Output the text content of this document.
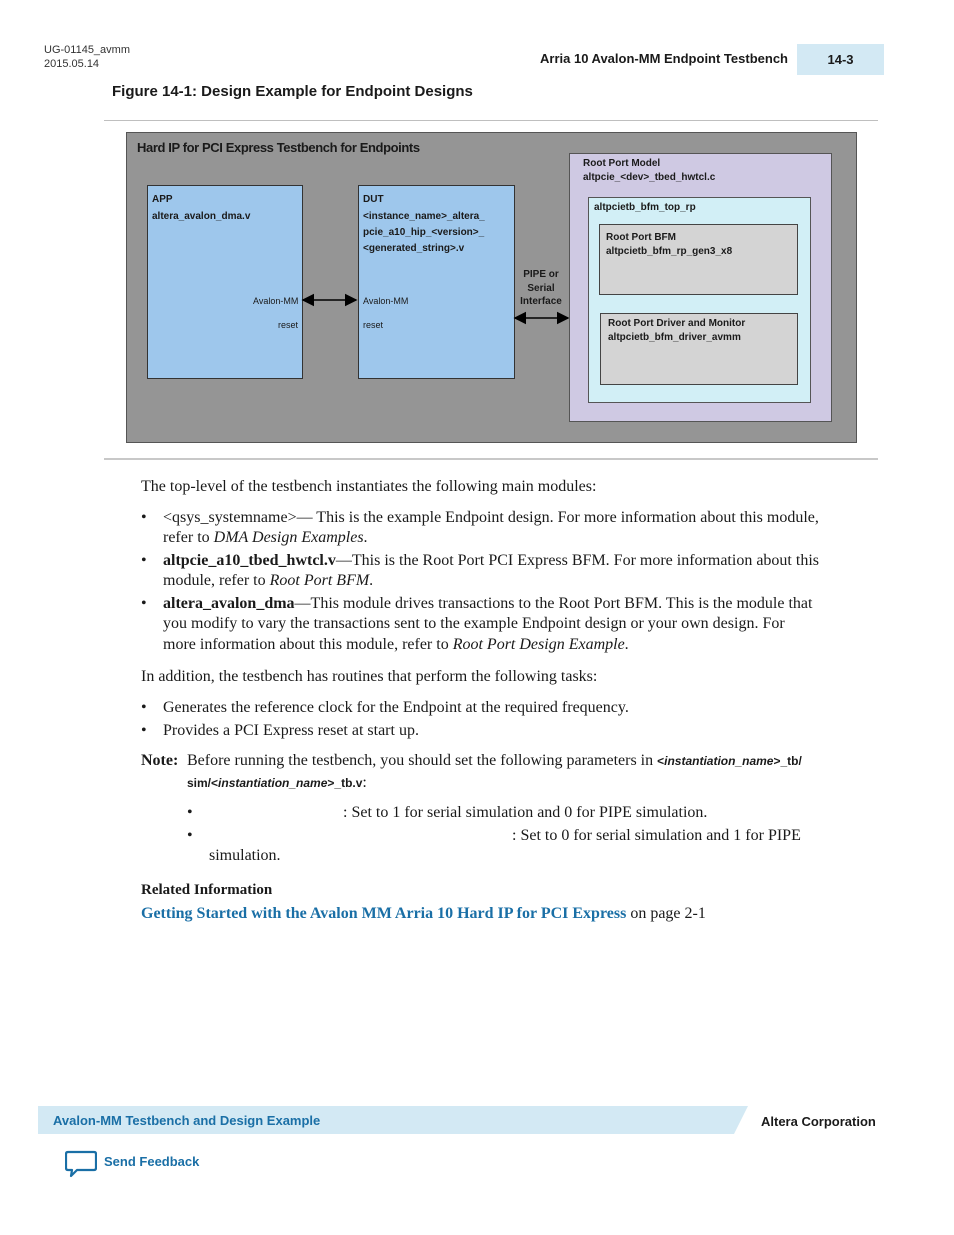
UG-01145_avmm
2015.05.14	Arria 10 Avalon-MM Endpoint Testbench	14-3
Figure 14-1: Design Example for Endpoint Designs
Hard IP for PCI Express Testbench for Endpoints
APP
altera_avalon_dma.v
Avalon-MM
reset
DUT
<instance_name>_altera_
pcie_a10_hip_<version>_
<generated_string>.v
Avalon-MM
reset
PIPE or
Serial
Interface
Root Port Model
altpcie_<dev>_tbed_hwtcl.c
altpcietb_bfm_top_rp
Root Port BFM
altpcietb_bfm_rp_gen3_x8
Root Port Driver and Monitor
altpcietb_bfm_driver_avmm
The top-level of the testbench instantiates the following main modules:
• <qsys_systemname>— This is the example Endpoint design. For more information about this module,
refer to DMA Design Examples.
• altpcie_a10_tbed_hwtcl.v—This is the Root Port PCI Express BFM. For more information about this
module, refer to Root Port BFM.
• altera_avalon_dma—This module drives transactions to the Root Port BFM. This is the module that
you modify to vary the transactions sent to the example Endpoint design or your own design. For
more information about this module, refer to Root Port Design Example.
In addition, the testbench has routines that perform the following tasks:
• Generates the reference clock for the Endpoint at the required frequency.
• Provides a PCI Express reset at start up.
Note: Before running the testbench, you should set the following parameters in <instantiation_name>_tb/
sim/<instantiation_name>_tb.v:
•	: Set to 1 for serial simulation and 0 for PIPE simulation.
•	: Set to 0 for serial simulation and 1 for PIPE
simulation.
Related Information
Getting Started with the Avalon MM Arria 10 Hard IP for PCI Express on page 2-1
Avalon-MM Testbench and Design Example	Altera Corporation
Send Feedback
